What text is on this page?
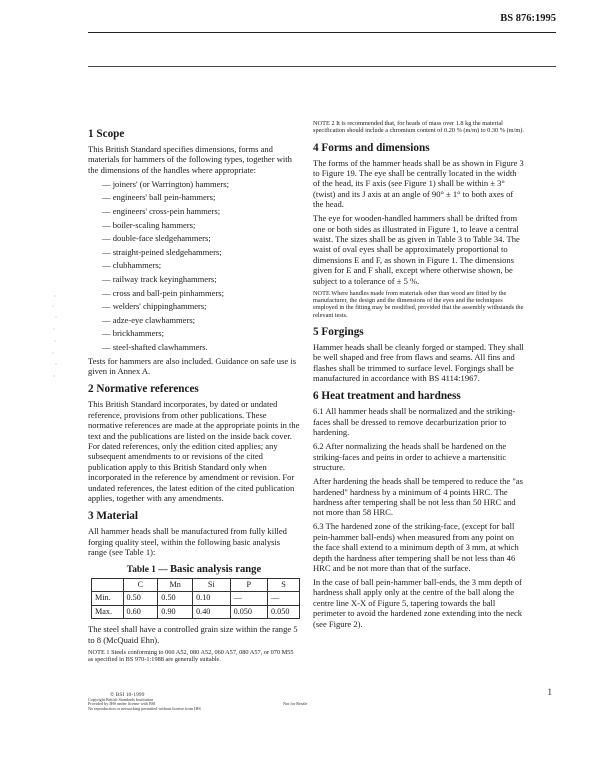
BS 876:1995
1 Scope

This British Standard specifies dimensions, forms and materials for hammers of the following types, together with the dimensions of the handles where appropriate:

— joiners' (or Warrington) hammers;
— engineers' ball pein-hammers;
— engineers' cross-pein hammers;
— boiler-scaling hammers;
— double-face sledgehammers;
— straight-peined sledgehammers;
— clubhammers;
— railway track keyinghammers;
— cross and ball-pein pinhammers;
— welders' chippinghammers;
— adze-eye clawhammers;
— brickhammers;
— steel-shafted clawhammers.

Tests for hammers are also included. Guidance on safe use is given in Annex A.

2 Normative references

This British Standard incorporates, by dated or undated reference, provisions from other publications. These normative references are made at the appropriate points in the text and the publications are listed on the inside back cover. For dated references, only the edition cited applies; any subsequent amendments to or revisions of the cited publication apply to this British Standard only when incorporated in the reference by amendment or revision. For undated references, the latest edition of the cited publication applies, together with any amendments.

3 Material

All hammer heads shall be manufactured from fully killed forging quality steel, within the following basic analysis range (see Table 1):

Table 1 — Basic analysis range
	C	Mn	Si	P	S
Min.	0.50	0.50	0.10	—	—
Max.	0.60	0.90	0.40	0.050	0.050

The steel shall have a controlled grain size within the range 5 to 8 (McQuaid Ehn).

NOTE 1 Steels conforming to 060 A52, 080 A52, 060 A57, 080 A57, or 070 M55 as specified in BS 970-1:1988 are generally suitable.

NOTE 2 It is recommended that, for heads of mass over 1.8 kg the material specification should include a chromium content of 0.20 % (m/m) to 0.30 % (m/m).

4 Forms and dimensions

The forms of the hammer heads shall be as shown in Figure 3 to Figure 19. The eye shall be centrally located in the width of the head, its F axis (see Figure 1) shall be within ± 3° (twist) and its J axis at an angle of 90° ± 1° to both axes of the head.

The eye for wooden-handled hammers shall be drifted from one or both sides as illustrated in Figure 1, to leave a central waist. The sizes shall be as given in Table 3 to Table 34. The waist of oval eyes shall be approximately proportional to dimensions E and F, as shown in Figure 1. The dimensions given for E and F shall, except where otherwise shown, be subject to a tolerance of ± 5 %.

NOTE Where handles made from materials other than wood are fitted by the manufacturer, the design and the dimensions of the eyes and the techniques employed in the fitting may be modified, provided that the assembly withstands the relevant tests.

5 Forgings

Hammer heads shall be cleanly forged or stamped. They shall be well shaped and free from flaws and seams. All fins and flashes shall be trimmed to surface level. Forgings shall be manufactured in accordance with BS 4114:1967.

6 Heat treatment and hardness

6.1 All hammer heads shall be normalized and the striking-faces shall be dressed to remove decarburization prior to hardening.

6.2 After normalizing the heads shall be hardened on the striking-faces and peins in order to achieve a martensitic structure.

After hardening the heads shall be tempered to reduce the "as hardened" hardness by a minimum of 4 points HRC. The hardness after tempering shall be not less than 50 HRC and not more than 58 HRC.

6.3 The hardened zone of the striking-face, (except for ball pein-hammer ball-ends) when measured from any point on the face shall extend to a minimum depth of 3 mm, at which depth the hardness after tempering shall be not less than 46 HRC and be not more than that of the surface.

In the case of ball pein-hammer ball-ends, the 3 mm depth of hardness shall apply only at the centre of the ball along the centre line X-X of Figure 5, tapering towards the ball perimeter to avoid the hardened zone extending into the neck (see Figure 2).

© BSI 10-1999
Copyright British Standards Institution
Provided by IHS under license with BSI
No reproduction or networking permitted without license from IHS
Not for Resale
1
